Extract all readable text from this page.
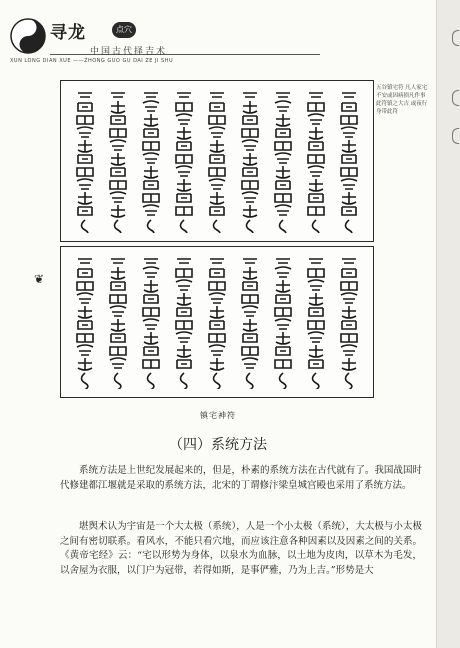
寻龙	点穴
中国古代择吉术
XUN LONG DIAN XUE ——ZHONG GUO GU DAI ZE JI SHU
五谷镇宅符 凡人家宅不安或因病损凡作事此符镇之大吉 或夜行身带此符
❦
镇宅神符
（四）系统方法

系统方法是上世纪发展起来的，但是，朴素的系统方法在古代就有了。我国战国时代修建都江堰就是采取的系统方法，北宋的丁谓修汴梁皇城宫殿也采用了系统方法。

堪舆术认为宇宙是一个大太极（系统），人是一个小太极（系统），大太极与小太极之间有密切联系。看风水，不能只看穴地，而应该注意各种因素以及因素之间的关系。《黄帝宅经》云：“宅以形势为身体，以泉水为血脉，以土地为皮肉，以草木为毛发，以舍屋为衣服，以门户为冠带，若得如斯，是事俨雅，乃为上吉。”形势是大
